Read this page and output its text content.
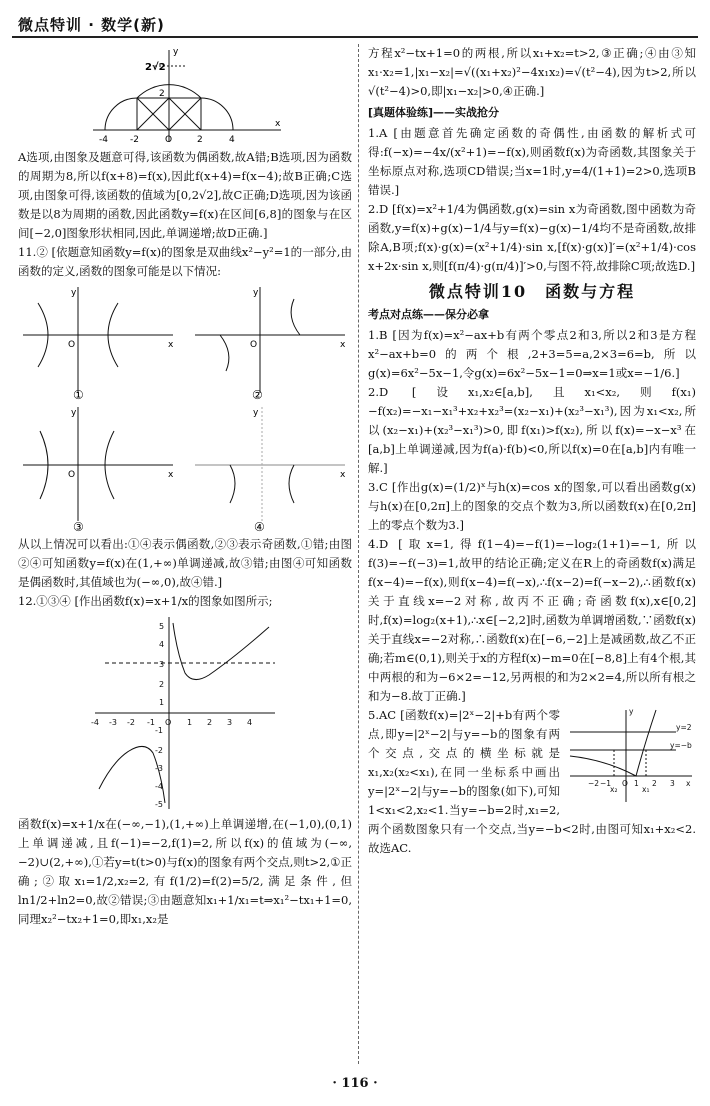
微点特训 · 数学(新)
y
2√2
2
-4 -2	O	2	4
x

A选项,由图象及题意可得,该函数为偶函数,故A错;B选项,因为函数的周期为8,所以f(x+8)=f(x),因此f(x+4)=f(x−4);故B正确;C选项,由图象可得,该函数的值域为[0,2√2],故C正确;D选项,因为该函数是以8为周期的函数,因此函数y=f(x)在区间[6,8]的图象与在区间[−2,0]图象形状相同,因此,单调递增;故D正确.]

11.② [依题意知函数y=f(x)的图象是双曲线x²−y²=1的一部分,由函数的定义,函数的图象可能是以下情况:

y
x
O
①
y
x
O
②
y
x
O
③
y
x
④

从以上情况可以看出:①④表示偶函数,②③表示奇函数,①错;由图②④可知函数y=f(x)在(1,+∞)单调递减,故③错;由图④可知函数是偶函数时,其值域也为(−∞,0),故④错.]

12.①③④ [作出函数f(x)=x+1/x的图象如图所示;

5
4
3
2
1
-1
-2
-3
-4
-5
-4 -3 -2 -1 O 1 2 3 4

函数f(x)=x+1/x在(−∞,−1),(1,+∞)上单调递增,在(−1,0),(0,1)上单调递减,且f(−1)=−2,f(1)=2,所以f(x)的值域为(−∞,−2)∪(2,+∞),①若y=t(t>0)与f(x)的图象有两个交点,则t>2,①正确;②取x₁=1/2,x₂=2,有f(1/2)=f(2)=5/2,满足条件,但ln1/2+ln2=0,故②错误;③由题意知x₁+1/x₁=t⇒x₁²−tx₁+1=0,同理x₂²−tx₂+1=0,即x₁,x₂是

方程x²−tx+1=0的两根,所以x₁+x₂=t>2,③正确;④由③知x₁·x₂=1,|x₁−x₂|=√((x₁+x₂)²−4x₁x₂)=√(t²−4),因为t>2,所以√(t²−4)>0,即|x₁−x₂|>0,④正确.]

[真题体验练]——实战抢分

1.A [由题意首先确定函数的奇偶性,由函数的解析式可得:f(−x)=−4x/(x²+1)=−f(x),则函数f(x)为奇函数,其图象关于坐标原点对称,选项CD错误;当x=1时,y=4/(1+1)=2>0,选项B错误.]

2.D [f(x)=x²+1/4为偶函数,g(x)=sin x为奇函数,图中函数为奇函数,y=f(x)+g(x)−1/4与y=f(x)−g(x)−1/4均不是奇函数,故排除A,B项;f(x)·g(x)=(x²+1/4)·sin x,[f(x)·g(x)]′=(x²+1/4)·cos x+2x·sin x,则[f(π/4)·g(π/4)]′>0,与图不符,故排除C项;故选D.]

微点特训10　函数与方程

考点对点练——保分必拿

1.B [因为f(x)=x²−ax+b有两个零点2和3,所以2和3是方程x²−ax+b=0的两个根,2+3=5=a,2×3=6=b,所以g(x)=6x²−5x−1,令g(x)=6x²−5x−1=0⇒x=1或x=−1/6.]

2.D [设x₁,x₂∈[a,b],且x₁<x₂,则f(x₁)−f(x₂)=−x₁−x₁³+x₂+x₂³=(x₂−x₁)+(x₂³−x₁³),因为x₁<x₂,所以(x₂−x₁)+(x₂³−x₁³)>0,即f(x₁)>f(x₂),所以f(x)=−x−x³在[a,b]上单调递减,因为f(a)·f(b)<0,所以f(x)=0在[a,b]内有唯一解.]

3.C [作出g(x)=(1/2)ˣ与h(x)=cos x的图象,可以看出函数g(x)与h(x)在[0,2π]上的图象的交点个数为3,所以函数f(x)在[0,2π]上的零点个数为3.]

4.D [取x=1,得f(1−4)=−f(1)=−log₂(1+1)=−1,所以f(3)=−f(−3)=1,故甲的结论正确;定义在R上的奇函数f(x)满足f(x−4)=−f(x),则f(x−4)=f(−x),∴f(x−2)=f(−x−2),∴函数f(x)关于直线x=−2对称,故丙不正确;奇函数f(x),x∈[0,2]时,f(x)=log₂(x+1),∴x∈[−2,2]时,函数为单调增函数,∵函数f(x)关于直线x=−2对称,∴函数f(x)在[−6,−2]上是减函数,故乙不正确;若m∈(0,1),则关于x的方程f(x)−m=0在[−8,8]上有4个根,其中两根的和为−6×2=−12,另两根的和为2×2=4,所以所有根之和为−8.故丁正确.]

y
y=2
y=−b
−2 −1
x₂
O 1
x₁
2 3 x

5.AC [函数f(x)=|2ˣ−2|+b有两个零点,即y=|2ˣ−2|与y=−b的图象有两个交点,交点的横坐标就是x₁,x₂(x₂<x₁),在同一坐标系中画出y=|2ˣ−2|与y=−b的图象(如下),可知1<x₁<2,x₂<1.当y=−b=2时,x₁=2,两个函数图象只有一个交点,当y=−b<2时,由图可知x₁+x₂<2.故选AC.

· 116 ·
